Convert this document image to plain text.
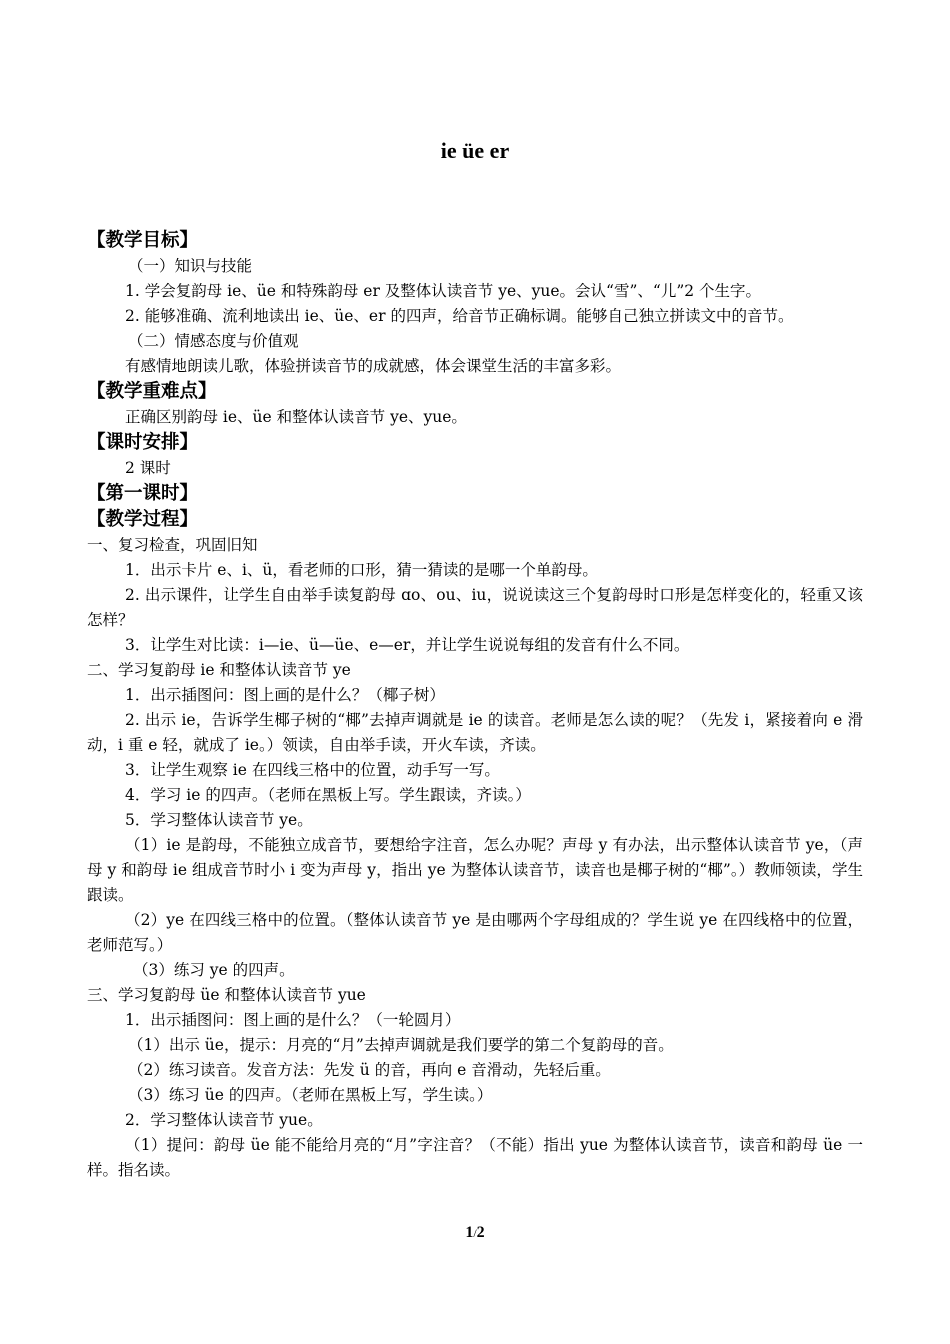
ie üe er

【教学目标】

（一）知识与技能

1. 学会复韵母 ie、üe 和特殊韵母 er 及整体认读音节 ye、yue。会认“雪”、“儿”2 个生字。

2. 能够准确、流利地读出 ie、üe、er 的四声，给音节正确标调。能够自己独立拼读文中的音节。

（二）情感态度与价值观

有感情地朗读儿歌，体验拼读音节的成就感，体会课堂生活的丰富多彩。

【教学重难点】

正确区别韵母 ie、üe 和整体认读音节 ye、yue。

【课时安排】

2 课时

【第一课时】

【教学过程】

一、复习检查，巩固旧知

1．出示卡片 e、i、ü，看老师的口形，猜一猜读的是哪一个单韵母。

2. 出示课件，让学生自由举手读复韵母 ɑo、ou、iu，说说读这三个复韵母时口形是怎样变化的，轻重又该怎样？

3．让学生对比读：i—ie、ü—üe、e—er，并让学生说说每组的发音有什么不同。

二、学习复韵母 ie 和整体认读音节 ye

1．出示插图问：图上画的是什么？（椰子树）

2. 出示 ie，告诉学生椰子树的“椰”去掉声调就是 ie 的读音。老师是怎么读的呢？（先发 i，紧接着向 e 滑动，i 重 e 轻，就成了 ie。）领读，自由举手读，开火车读，齐读。

3．让学生观察 ie 在四线三格中的位置，动手写一写。

4．学习 ie 的四声。（老师在黑板上写。学生跟读，齐读。）

5．学习整体认读音节 ye。

（1）ie 是韵母，不能独立成音节，要想给字注音，怎么办呢？声母 y 有办法，出示整体认读音节 ye，（声母 y 和韵母 ie 组成音节时小 i 变为声母 y，指出 ye 为整体认读音节，读音也是椰子树的“椰”。）教师领读，学生跟读。

（2）ye 在四线三格中的位置。（整体认读音节 ye 是由哪两个字母组成的？学生说 ye 在四线格中的位置，老师范写。）

（3）练习 ye 的四声。

三、学习复韵母 üe 和整体认读音节 yue

1．出示插图问：图上画的是什么？（一轮圆月）

（1）出示 üe，提示：月亮的“月”去掉声调就是我们要学的第二个复韵母的音。

（2）练习读音。发音方法：先发 ü 的音，再向 e 音滑动，先轻后重。

（3）练习 üe 的四声。（老师在黑板上写，学生读。）

2．学习整体认读音节 yue。

（1）提问：韵母 üe 能不能给月亮的“月”字注音？（不能）指出 yue 为整体认读音节，读音和韵母 üe 一样。指名读。

1/2
